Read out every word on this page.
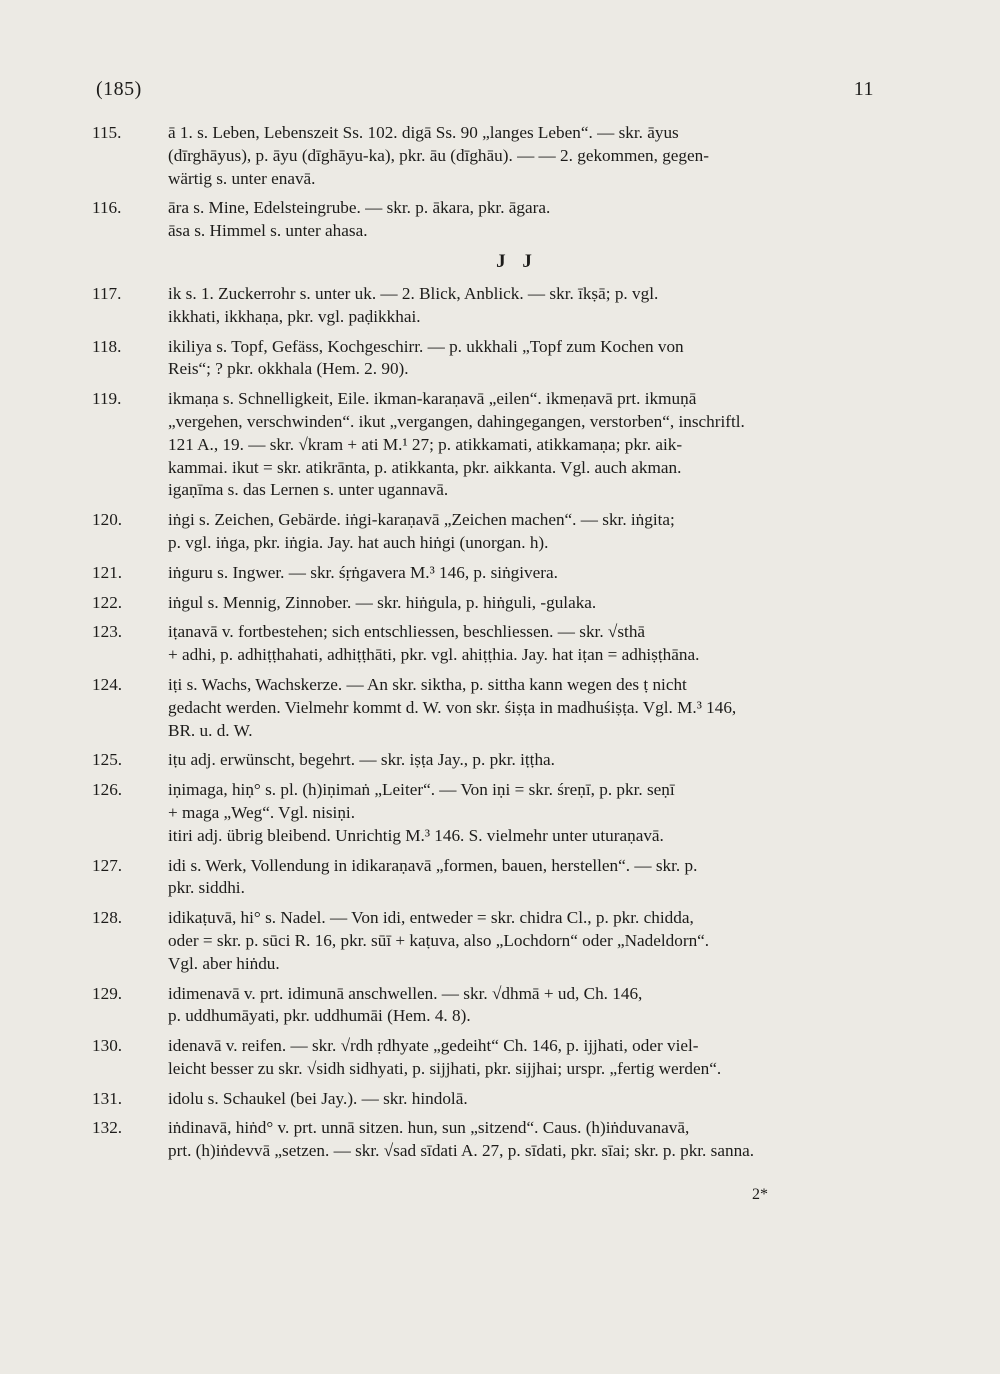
(185)	11
115.	ā 1. s. Leben, Lebenszeit Ss. 102. digā Ss. 90 „langes Leben“. — skr. āyus
(dīrghāyus), p. āyu (dīghāyu-ka), pkr. āu (dīghāu). — — 2. gekommen, gegen-
wärtig s. unter enavā.
116.	āra s. Mine, Edelsteingrube. — skr. p. ākara, pkr. āgara.
āsa s. Himmel s. unter ahasa.
J J
117.	ik s. 1. Zuckerrohr s. unter uk. — 2. Blick, Anblick. — skr. īkṣā; p. vgl.
ikkhati, ikkhaṇa, pkr. vgl. paḍikkhai.
118.	ikiliya s. Topf, Gefäss, Kochgeschirr. — p. ukkhali „Topf zum Kochen von
Reis“; ? pkr. okkhala (Hem. 2. 90).
119.	ikmaṇa s. Schnelligkeit, Eile. ikman-karaṇavā „eilen“. ikmeṇavā prt. ikmuṇā
„vergehen, verschwinden“. ikut „vergangen, dahingegangen, verstorben“, inschriftl.
121 A., 19. — skr. √kram + ati M.¹ 27; p. atikkamati, atikkamaṇa; pkr. aik-
kammai. ikut = skr. atikrānta, p. atikkanta, pkr. aikkanta. Vgl. auch akman.
igaṇīma s. das Lernen s. unter ugannavā.
120.	iṅgi s. Zeichen, Gebärde. iṅgi-karaṇavā „Zeichen machen“. — skr. iṅgita;
p. vgl. iṅga, pkr. iṅgia. Jay. hat auch hiṅgi (unorgan. h).
121.	iṅguru s. Ingwer. — skr. śṛṅgavera M.³ 146, p. siṅgivera.
122.	iṅgul s. Mennig, Zinnober. — skr. hiṅgula, p. hiṅguli, -gulaka.
123.	iṭanavā v. fortbestehen; sich entschliessen, beschliessen. — skr. √sthā
+ adhi, p. adhiṭṭhahati, adhiṭṭhāti, pkr. vgl. ahiṭṭhia. Jay. hat iṭan = adhiṣṭhāna.
124.	iṭi s. Wachs, Wachskerze. — An skr. siktha, p. sittha kann wegen des ṭ nicht
gedacht werden. Vielmehr kommt d. W. von skr. śiṣṭa in madhuśiṣṭa. Vgl. M.³ 146,
BR. u. d. W.
125.	iṭu adj. erwünscht, begehrt. — skr. iṣṭa Jay., p. pkr. iṭṭha.
126.	iṇimaga, hiṇ° s. pl. (h)iṇimaṅ „Leiter“. — Von iṇi = skr. śreṇī, p. pkr. seṇī
+ maga „Weg“. Vgl. nisiṇi.
itiri adj. übrig bleibend. Unrichtig M.³ 146. S. vielmehr unter uturaṇavā.
127.	idi s. Werk, Vollendung in idikaraṇavā „formen, bauen, herstellen“. — skr. p.
pkr. siddhi.
128.	idikaṭuvā, hi° s. Nadel. — Von idi, entweder = skr. chidra Cl., p. pkr. chidda,
oder = skr. p. sūci R. 16, pkr. sūī + kaṭuva, also „Lochdorn“ oder „Nadeldorn“.
Vgl. aber hiṅdu.
129.	idimenavā v. prt. idimunā anschwellen. — skr. √dhmā + ud, Ch. 146,
p. uddhumāyati, pkr. uddhumāi (Hem. 4. 8).
130.	idenavā v. reifen. — skr. √rdh ṛdhyate „gedeiht“ Ch. 146, p. ijjhati, oder viel-
leicht besser zu skr. √sidh sidhyati, p. sijjhati, pkr. sijjhai; urspr. „fertig werden“.
131.	idolu s. Schaukel (bei Jay.). — skr. hindolā.
132.	iṅdinavā, hiṅd° v. prt. unnā sitzen. hun, sun „sitzend“. Caus. (h)iṅduvanavā,
prt. (h)iṅdevvā „setzen. — skr. √sad sīdati A. 27, p. sīdati, pkr. sīai; skr. p. pkr. sanna.
2*
